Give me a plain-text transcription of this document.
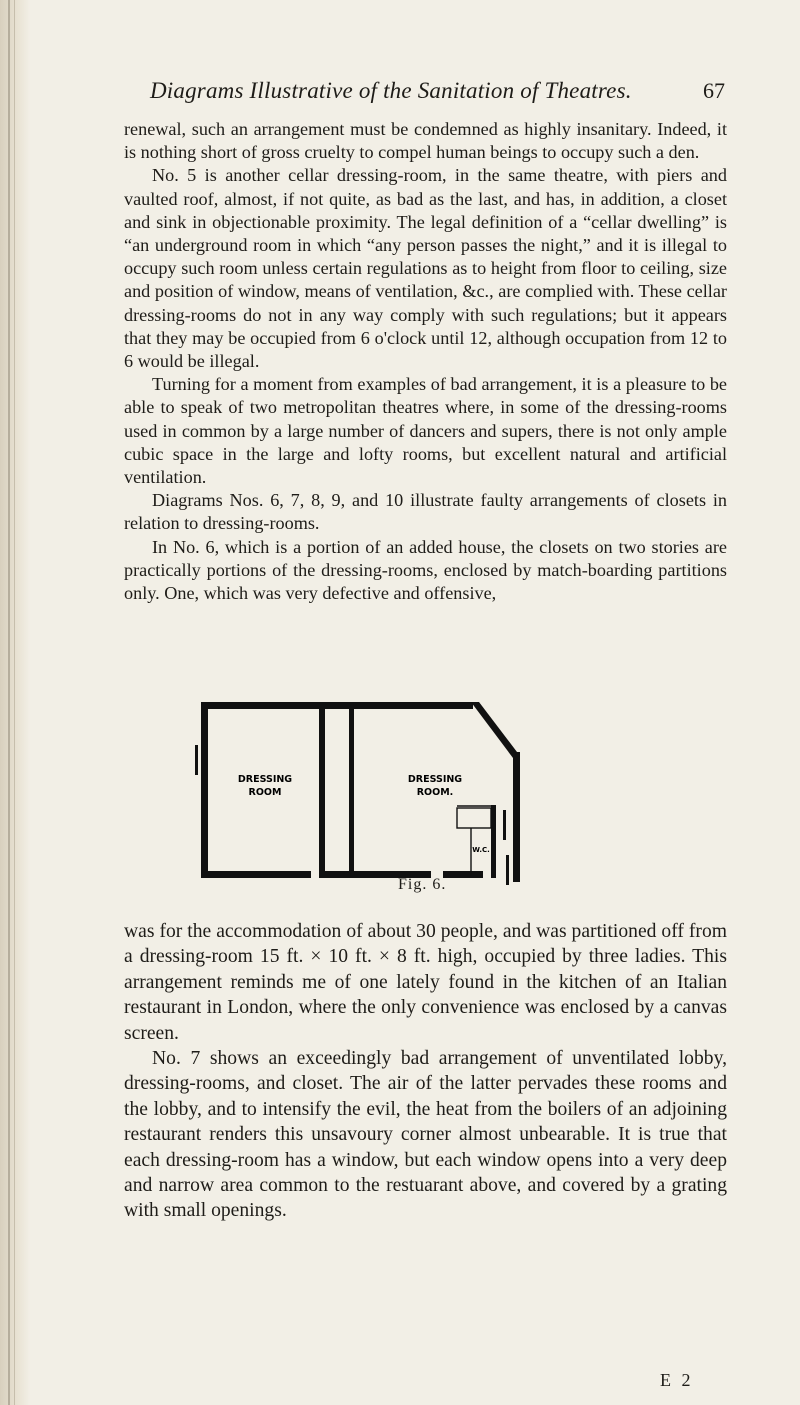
Diagrams Illustrative of the Sanitation of Theatres.	67

renewal, such an arrangement must be condemned as highly insanitary. Indeed, it is nothing short of gross cruelty to compel human beings to occupy such a den.

No. 5 is another cellar dressing-room, in the same theatre, with piers and vaulted roof, almost, if not quite, as bad as the last, and has, in addition, a closet and sink in objectionable proximity. The legal definition of a “cellar dwelling” is “an underground room in which “any person passes the night,” and it is illegal to occupy such room unless certain regulations as to height from floor to ceiling, size and position of window, means of ventilation, &c., are complied with. These cellar dressing-rooms do not in any way comply with such regulations; but it appears that they may be occupied from 6 o'clock until 12, although occupation from 12 to 6 would be illegal.

Turning for a moment from examples of bad arrangement, it is a pleasure to be able to speak of two metropolitan theatres where, in some of the dressing-rooms used in common by a large number of dancers and supers, there is not only ample cubic space in the large and lofty rooms, but excellent natural and artificial ventilation.

Diagrams Nos. 6, 7, 8, 9, and 10 illustrate faulty arrangements of closets in relation to dressing-rooms.

In No. 6, which is a portion of an added house, the closets on two stories are practically portions of the dressing-rooms, enclosed by match-boarding partitions only. One, which was very defective and offensive,

DRESSING
ROOM
DRESSING
ROOM.
W.C.
Fig. 6.

was for the accommodation of about 30 people, and was partitioned off from a dressing-room 15 ft. × 10 ft. × 8 ft. high, occupied by three ladies. This arrangement reminds me of one lately found in the kitchen of an Italian restaurant in London, where the only convenience was enclosed by a canvas screen.

No. 7 shows an exceedingly bad arrangement of unventilated lobby, dressing-rooms, and closet. The air of the latter pervades these rooms and the lobby, and to intensify the evil, the heat from the boilers of an adjoining restaurant renders this unsavoury corner almost unbearable. It is true that each dressing-room has a window, but each window opens into a very deep and narrow area common to the restuarant above, and covered by a grating with small openings.

E 2
